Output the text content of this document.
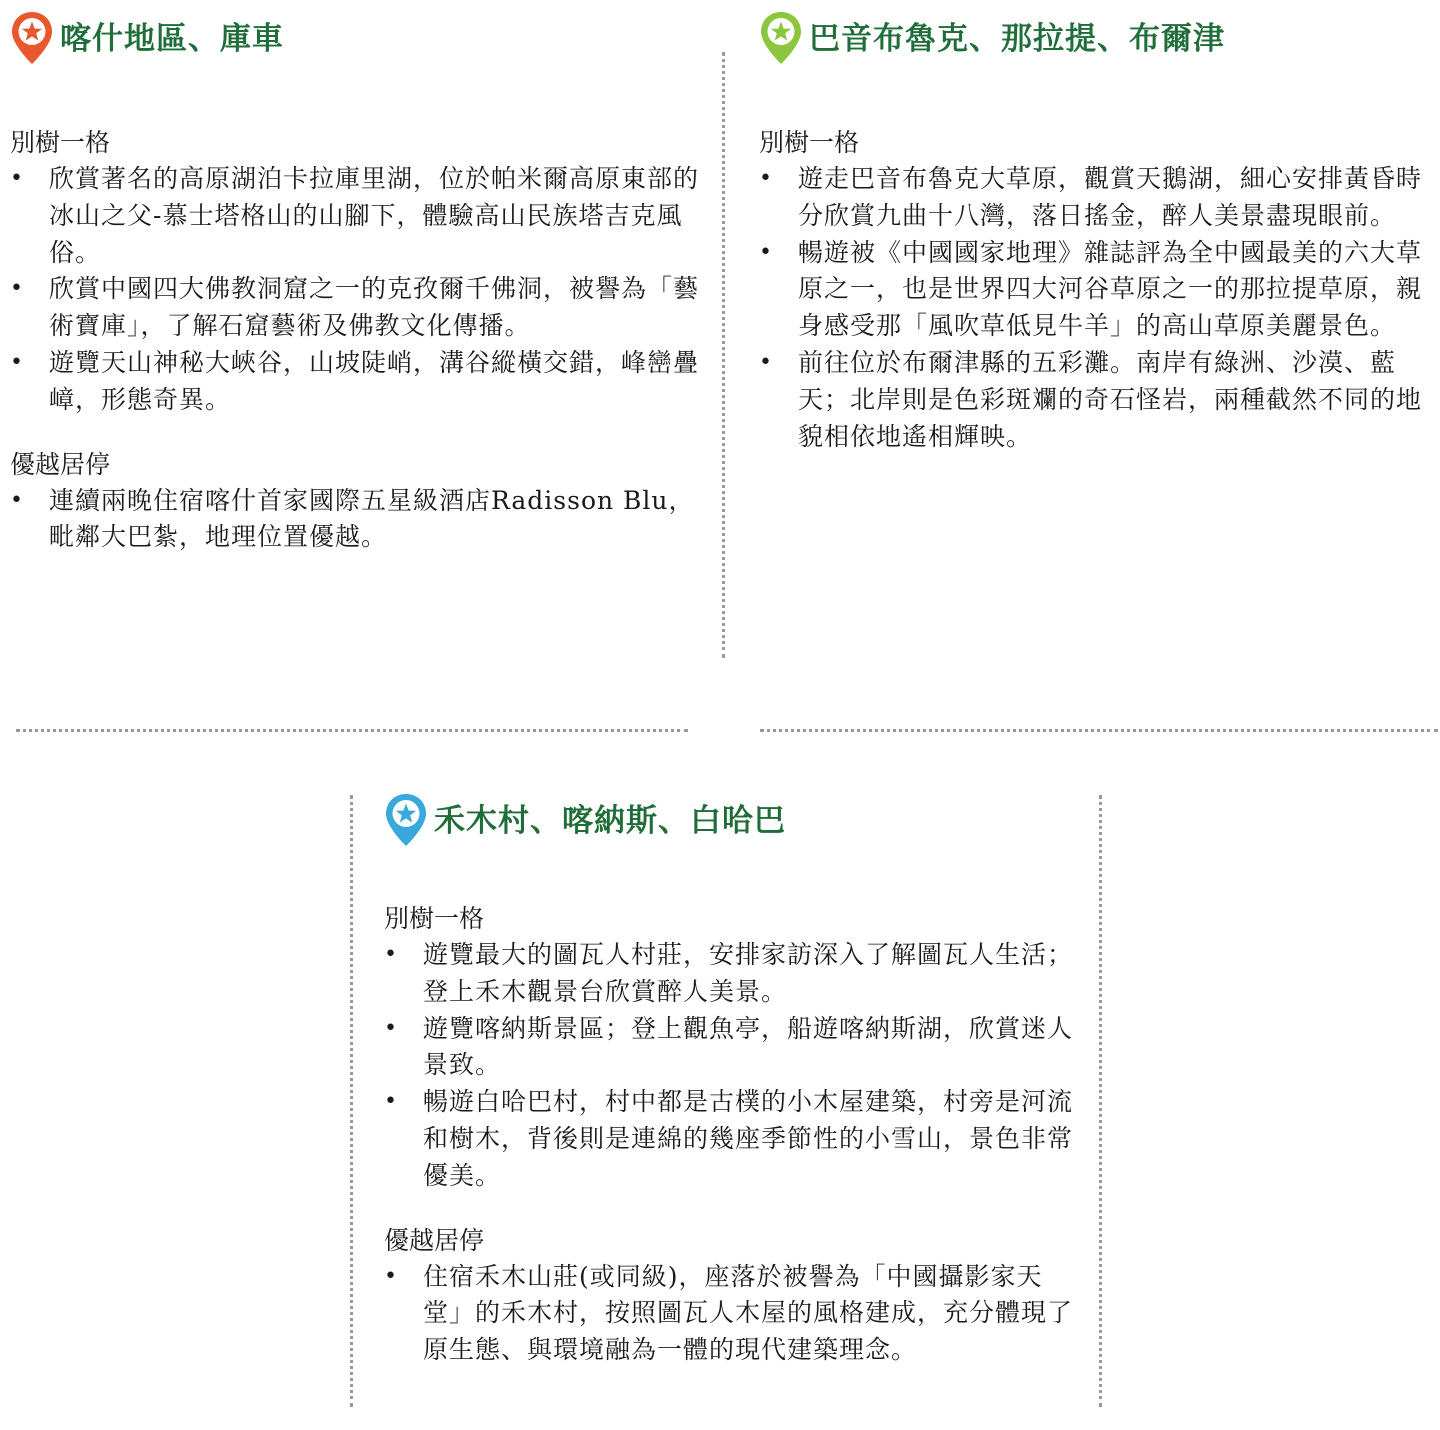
喀什地區、庫車
別樹一格
• 欣賞著名的高原湖泊卡拉庫里湖，位於帕米爾高原東部的冰山之父-慕士塔格山的山腳下，體驗高山民族塔吉克風俗。
• 欣賞中國四大佛教洞窟之一的克孜爾千佛洞，被譽為「藝術寶庫」，了解石窟藝術及佛教文化傳播。
• 遊覽天山神秘大峽谷，山坡陡峭，溝谷縱橫交錯，峰巒疊嶂，形態奇異。
優越居停
• 連續兩晚住宿喀什首家國際五星級酒店Radisson Blu，毗鄰大巴紮，地理位置優越。
巴音布魯克、那拉提、布爾津
別樹一格
• 遊走巴音布魯克大草原，觀賞天鵝湖，細心安排黃昏時分欣賞九曲十八灣，落日搖金，醉人美景盡現眼前。
• 暢遊被《中國國家地理》雜誌評為全中國最美的六大草原之一，也是世界四大河谷草原之一的那拉提草原，親身感受那「風吹草低見牛羊」的高山草原美麗景色。
• 前往位於布爾津縣的五彩灘。南岸有綠洲、沙漠、藍天；北岸則是色彩斑斕的奇石怪岩，兩種截然不同的地貌相依地遙相輝映。
禾木村、喀納斯、白哈巴
別樹一格
• 遊覽最大的圖瓦人村莊，安排家訪深入了解圖瓦人生活；登上禾木觀景台欣賞醉人美景。
• 遊覽喀納斯景區；登上觀魚亭，船遊喀納斯湖，欣賞迷人景致。
• 暢遊白哈巴村，村中都是古樸的小木屋建築，村旁是河流和樹木，背後則是連綿的幾座季節性的小雪山，景色非常優美。
優越居停
• 住宿禾木山莊(或同級)，座落於被譽為「中國攝影家天堂」的禾木村，按照圖瓦人木屋的風格建成，充分體現了原生態、與環境融為一體的現代建築理念。
